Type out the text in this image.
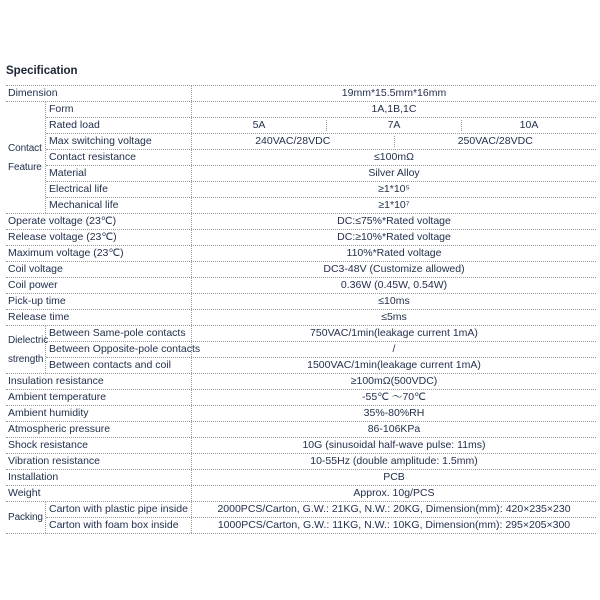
Specification
Dimension	19mm*15.5mm*16mm
Contact Feature
Form	1A,1B,1C
Rated load	5A	7A	10A
Max switching voltage	240VAC/28VDC	250VAC/28VDC
Contact resistance	≤100mΩ
Material	Silver Alloy
Electrical life	≥1*10⁵
Mechanical life	≥1*10⁷
Operate voltage (23℃)	DC:≤75%*Rated voltage
Release voltage (23℃)	DC:≥10%*Rated voltage
Maximum voltage (23℃)	110%*Rated voltage
Coil voltage	DC3-48V (Customize allowed)
Coil power	0.36W (0.45W, 0.54W)
Pick-up time	≤10ms
Release time	≤5ms
Dielectric strength
Between Same-pole contacts	750VAC/1min(leakage current 1mA)
Between Opposite-pole contacts	/
Between contacts and coil	1500VAC/1min(leakage current 1mA)
Insulation resistance	≥100mΩ(500VDC)
Ambient temperature	-55℃ ～70℃
Ambient humidity	35%-80%RH
Atmospheric pressure	86-106KPa
Shock resistance	10G (sinusoidal half-wave pulse: 11ms)
Vibration resistance	10-55Hz (double amplitude: 1.5mm)
Installation	PCB
Weight	Approx. 10g/PCS
Packing
Carton with plastic pipe inside	2000PCS/Carton, G.W.: 21KG, N.W.: 20KG, Dimension(mm): 420×235×230
Carton with foam box inside	1000PCS/Carton, G.W.: 11KG, N.W.: 10KG, Dimension(mm): 295×205×300
